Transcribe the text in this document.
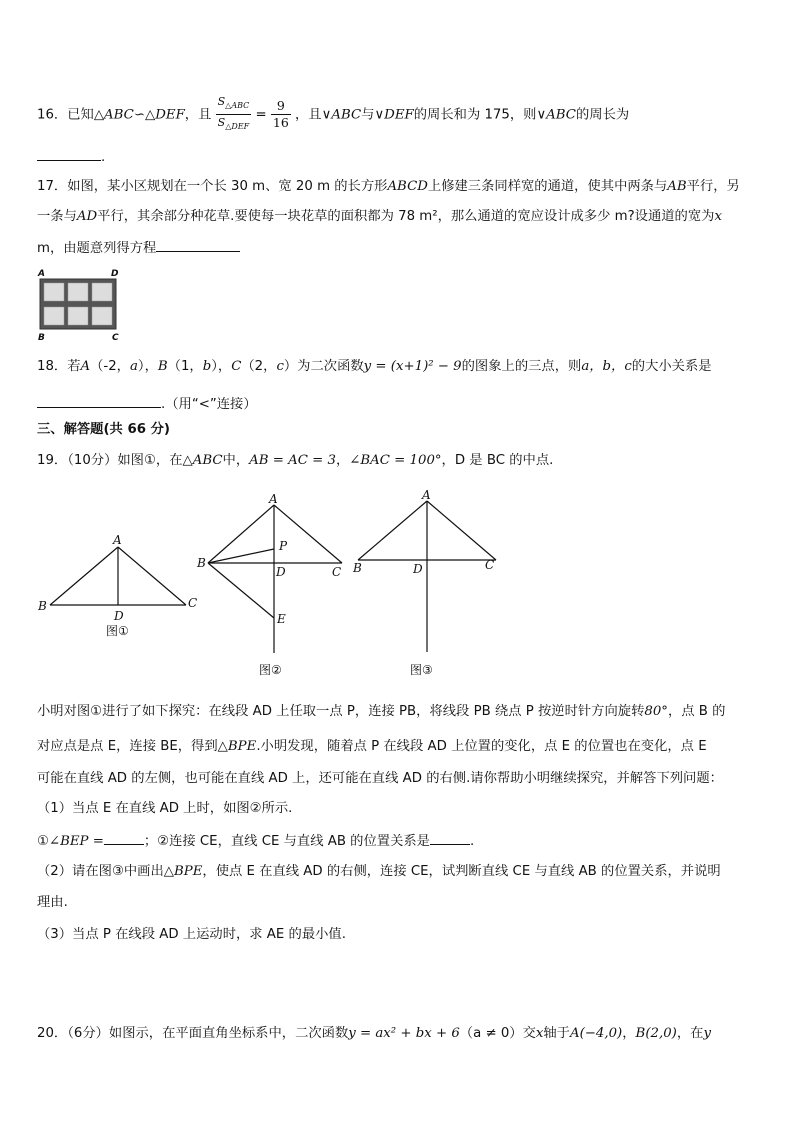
16．已知△ABC∽△DEF，且 $\frac{S_{\triangle ABC}}{S_{\triangle DEF}} = \frac{9}{16}$ ，且∨ABC与∨DEF的周长和为 175，则∨ABC的周长为
.
17．如图，某小区规划在一个长 30 m、宽 20 m 的长方形ABCD上修建三条同样宽的通道，使其中两条与AB平行，另
一条与AD平行，其余部分种花草.要使每一块花草的面积都为 78 m²，那么通道的宽应设计成多少 m?设通道的宽为x
m，由题意列得方程
A	D
B	C
18．若A（-2，a），B（1，b），C（2，c）为二次函数y = (x+1)² − 9的图象上的三点，则a，b，c的大小关系是
.（用“<”连接）
三、解答题(共 66 分)
19．（10分）如图①，在△ABC中，AB = AC = 3，∠BAC = 100°，D 是 BC 的中点.
A
B	C
D
图①
A
B
P
D	C
E
图②
A
B	D	C
图③
小明对图①进行了如下探究：在线段 AD 上任取一点 P，连接 PB，将线段 PB 绕点 P 按逆时针方向旋转80°，点 B 的
对应点是点 E，连接 BE，得到△BPE.小明发现，随着点 P 在线段 AD 上位置的变化，点 E 的位置也在变化，点 E
可能在直线 AD 的左侧，也可能在直线 AD 上，还可能在直线 AD 的右侧.请你帮助小明继续探究，并解答下列问题：
（1）当点 E 在直线 AD 上时，如图②所示.
①∠BEP =	；②连接 CE，直线 CE 与直线 AB 的位置关系是	.
（2）请在图③中画出△BPE，使点 E 在直线 AD 的右侧，连接 CE，试判断直线 CE 与直线 AB 的位置关系，并说明
理由.
（3）当点 P 在线段 AD 上运动时，求 AE 的最小值.
20．（6分）如图示，在平面直角坐标系中，二次函数y = ax² + bx + 6（a ≠ 0）交x轴于A(−4,0)，B(2,0)，在y
